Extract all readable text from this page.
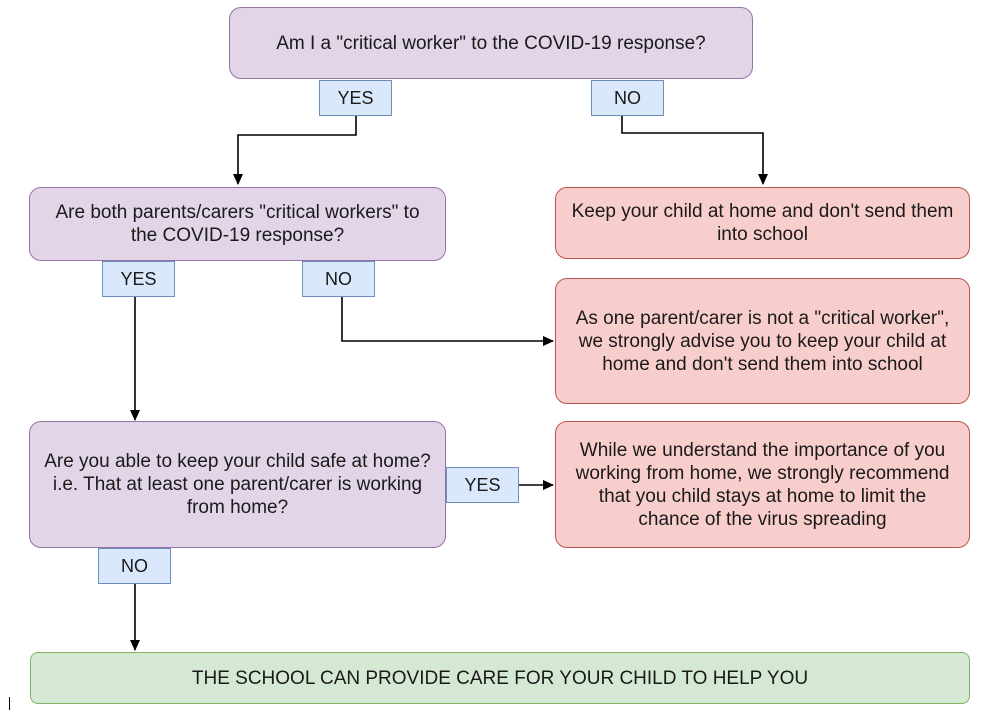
Am I a "critical worker" to the COVID-19 response?
Are both parents/carers "critical workers" to the COVID-19 response?
Are you able to keep your child safe at home?
i.e. That at least one parent/carer is working from home?
Keep your child at home and don't send them into school
As one parent/carer is not a "critical worker", we strongly advise you to keep your child at home and don't send them into school
While we understand the importance of you working from home, we strongly recommend that you child stays at home to limit the chance of the virus spreading
THE SCHOOL CAN PROVIDE CARE FOR YOUR CHILD TO HELP YOU
YES	NO
YES	NO
YES
NO
